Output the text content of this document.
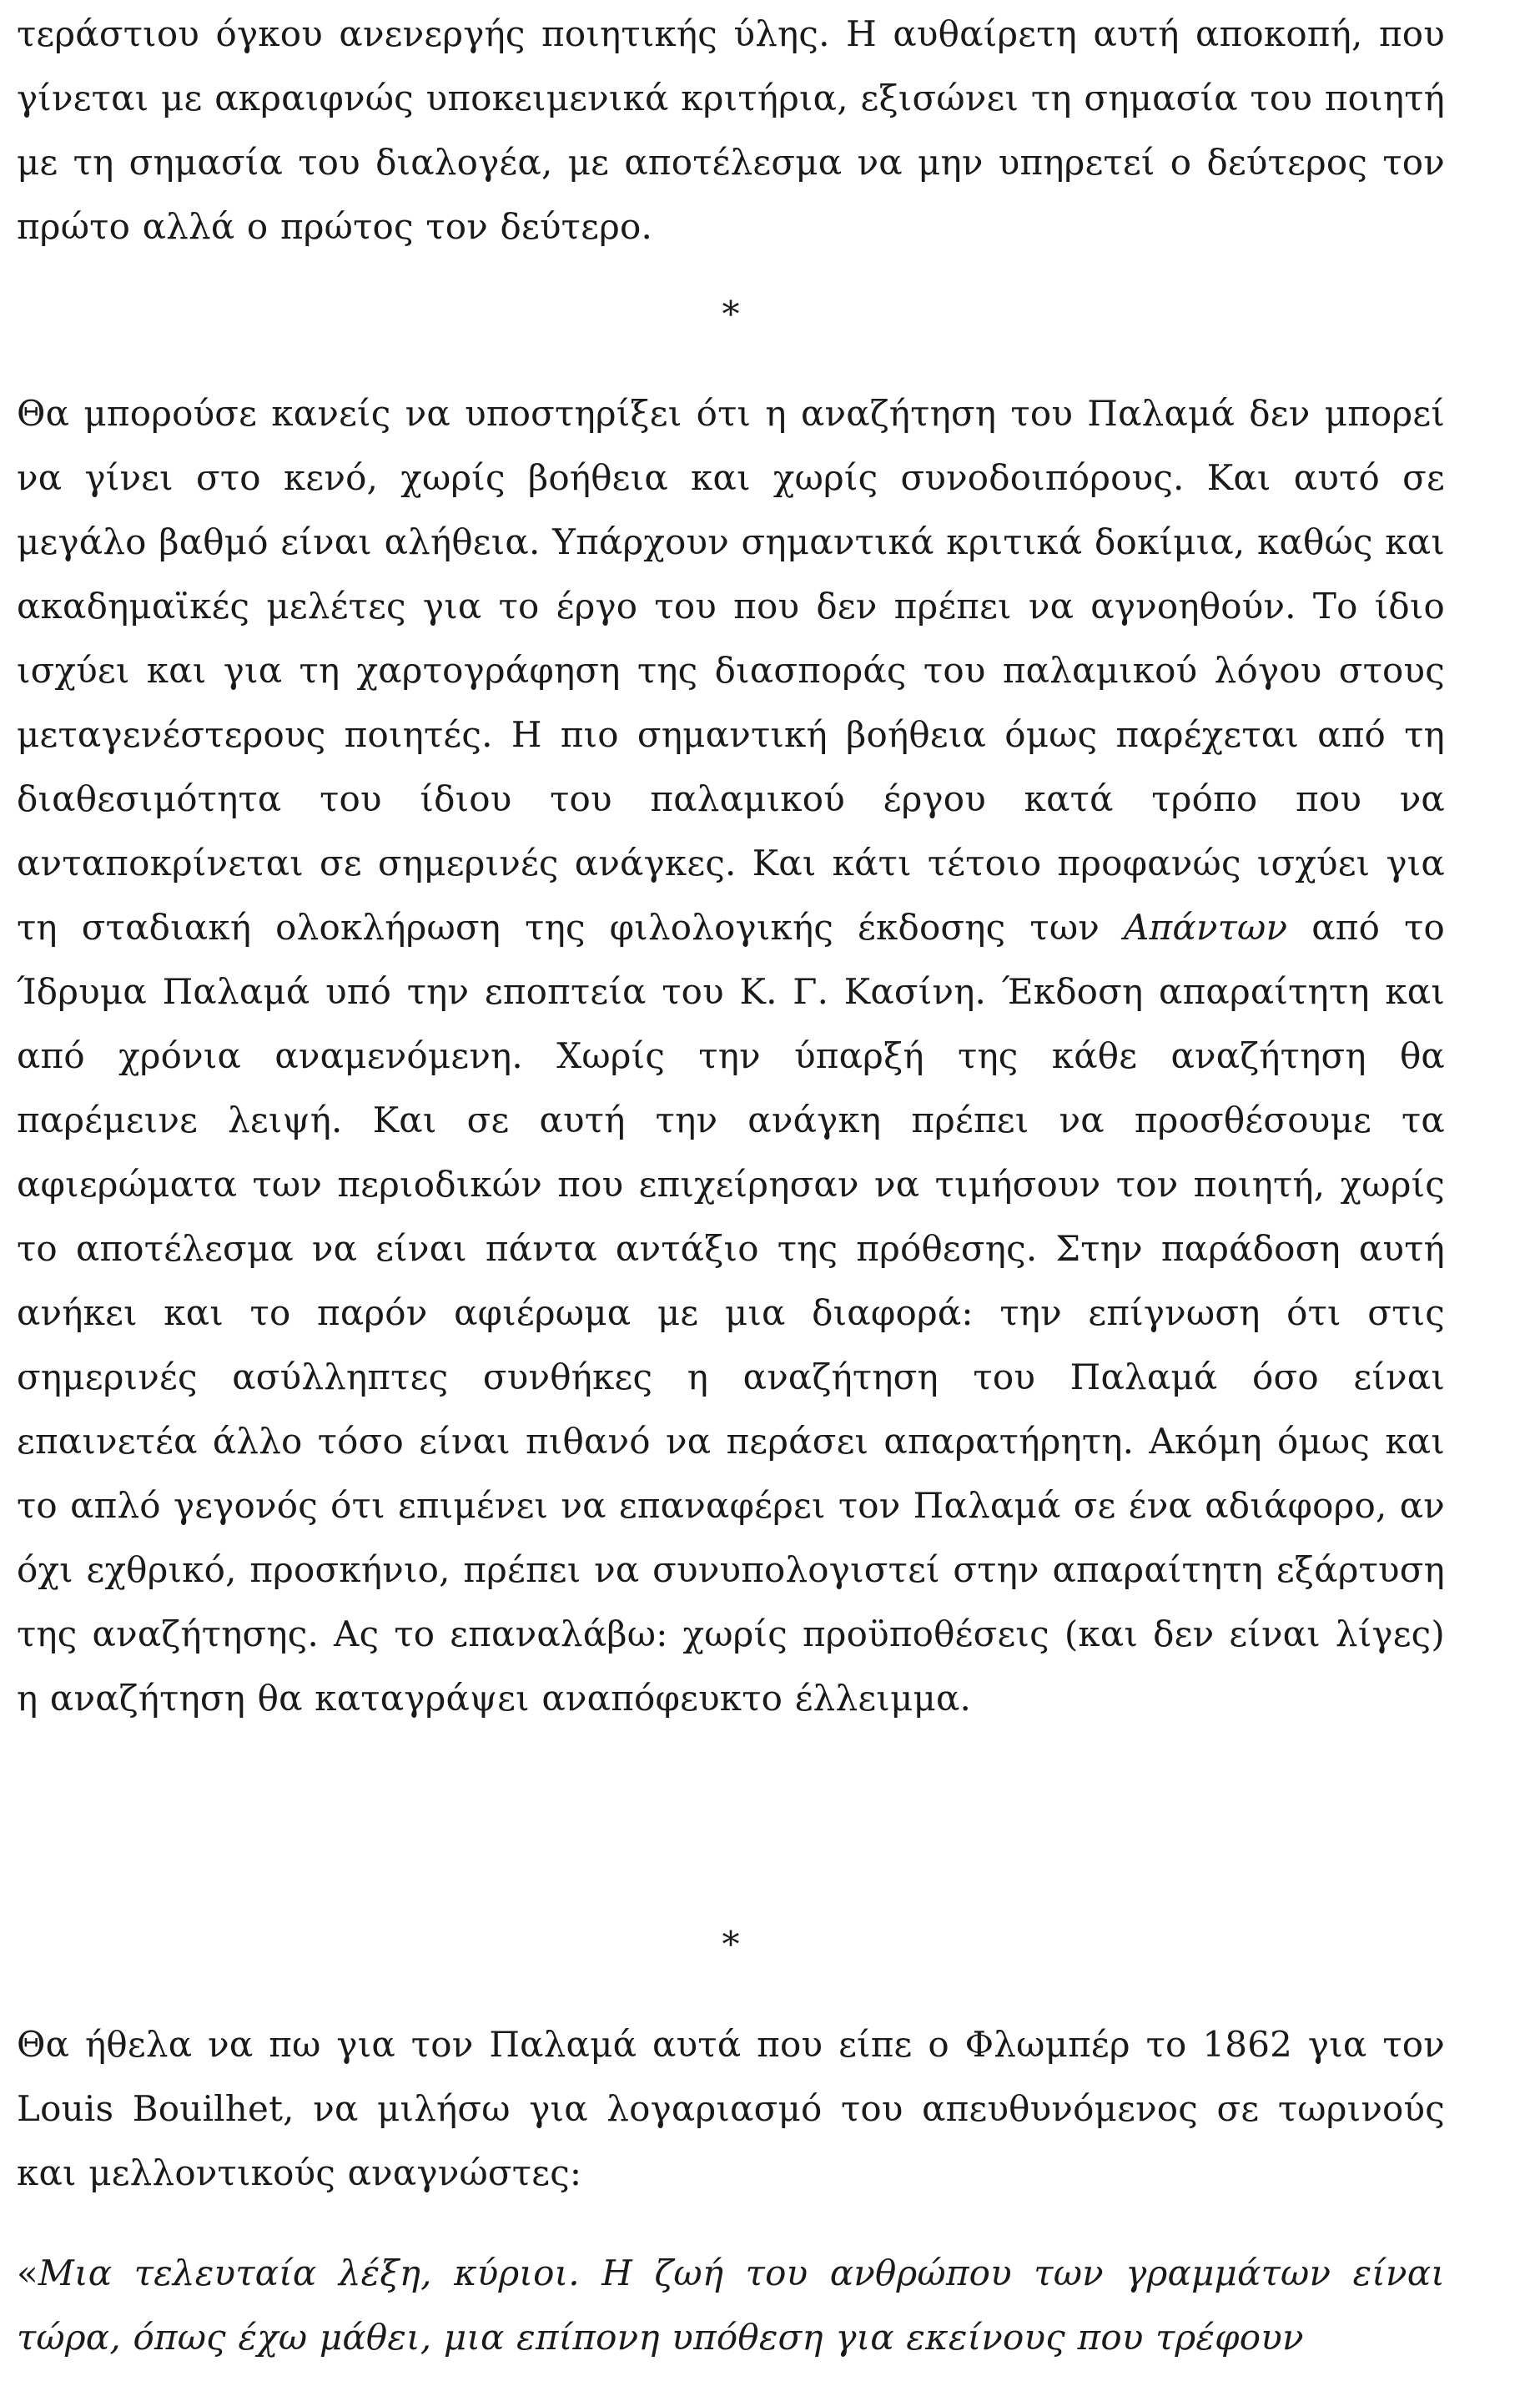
τεράστιου όγκου ανενεργής ποιητικής ύλης. Η αυθαίρετη αυτή αποκοπή, που γίνεται με ακραιφνώς υποκειμενικά κριτήρια, εξισώνει τη σημασία του ποιητή με τη σημασία του διαλογέα, με αποτέλεσμα να μην υπηρετεί ο δεύτερος τον πρώτο αλλά ο πρώτος τον δεύτερο.

*

Θα μπορούσε κανείς να υποστηρίξει ότι η αναζήτηση του Παλαμά δεν μπορεί να γίνει στο κενό, χωρίς βοήθεια και χωρίς συνοδοιπόρους. Και αυτό σε μεγάλο βαθμό είναι αλήθεια. Υπάρχουν σημαντικά κριτικά δοκίμια, καθώς και ακαδημαϊκές μελέτες για το έργο του που δεν πρέπει να αγνοηθούν. Το ίδιο ισχύει και για τη χαρτογράφηση της διασποράς του παλαμικού λόγου στους μεταγενέστερους ποιητές. Η πιο σημαντική βοήθεια όμως παρέχεται από τη διαθεσιμότητα του ίδιου του παλαμικού έργου κατά τρόπο που να ανταποκρίνεται σε σημερινές ανάγκες. Και κάτι τέτοιο προφανώς ισχύει για τη σταδιακή ολοκλήρωση της φιλολογικής έκδοσης των Απάντων από το Ίδρυμα Παλαμά υπό την εποπτεία του Κ. Γ. Κασίνη. Έκδοση απαραίτητη και από χρόνια αναμενόμενη. Χωρίς την ύπαρξή της κάθε αναζήτηση θα παρέμεινε λειψή. Και σε αυτή την ανάγκη πρέπει να προσθέσουμε τα αφιερώματα των περιοδικών που επιχείρησαν να τιμήσουν τον ποιητή, χωρίς το αποτέλεσμα να είναι πάντα αντάξιο της πρόθεσης. Στην παράδοση αυτή ανήκει και το παρόν αφιέρωμα με μια διαφορά: την επίγνωση ότι στις σημερινές ασύλληπτες συνθήκες η αναζήτηση του Παλαμά όσο είναι επαινετέα άλλο τόσο είναι πιθανό να περάσει απαρατήρητη. Ακόμη όμως και το απλό γεγονός ότι επιμένει να επαναφέρει τον Παλαμά σε ένα αδιάφορο, αν όχι εχθρικό, προσκήνιο, πρέπει να συνυπολογιστεί στην απαραίτητη εξάρτυση της αναζήτησης. Ας το επαναλάβω: χωρίς προϋποθέσεις (και δεν είναι λίγες) η αναζήτηση θα καταγράψει αναπόφευκτο έλλειμμα.

*

Θα ήθελα να πω για τον Παλαμά αυτά που είπε ο Φλωμπέρ το 1862 για τον Louis Bouilhet, να μιλήσω για λογαριασμό του απευθυνόμενος σε τωρινούς και μελλοντικούς αναγνώστες:

«Μια τελευταία λέξη, κύριοι. Η ζωή του ανθρώπου των γραμμάτων είναι τώρα, όπως έχω μάθει, μια επίπονη υπόθεση για εκείνους που τρέφουν
